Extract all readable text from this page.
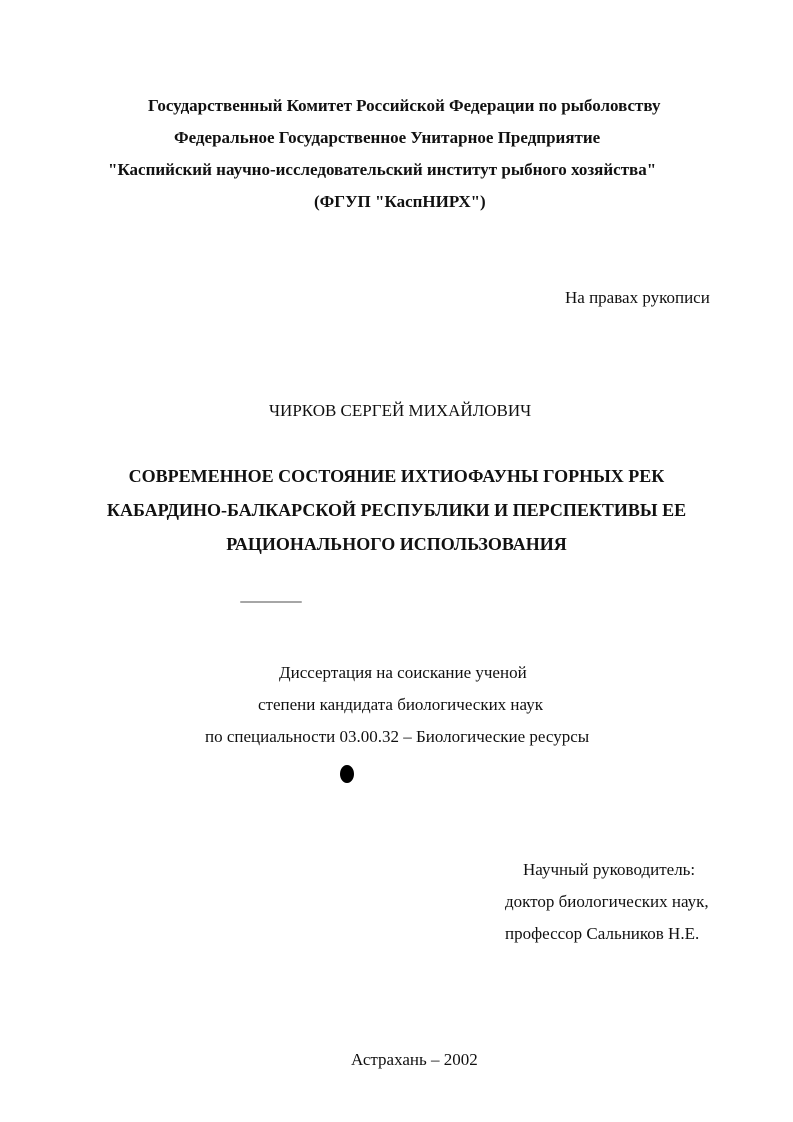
Государственный Комитет Российской Федерации по рыболовству
Федеральное Государственное Унитарное Предприятие
"Каспийский научно-исследовательский институт рыбного хозяйства"
(ФГУП "КаспНИРХ")
На правах рукописи
ЧИРКОВ СЕРГЕЙ МИХАЙЛОВИЧ
СОВРЕМЕННОЕ СОСТОЯНИЕ ИХТИОФАУНЫ ГОРНЫХ РЕК
КАБАРДИНО-БАЛКАРСКОЙ РЕСПУБЛИКИ И ПЕРСПЕКТИВЫ ЕЕ
РАЦИОНАЛЬНОГО ИСПОЛЬЗОВАНИЯ
Диссертация на соискание ученой
степени кандидата биологических наук
по специальности 03.00.32 – Биологические ресурсы
Научный руководитель:
доктор биологических наук,
профессор Сальников Н.Е.
Астрахань – 2002
